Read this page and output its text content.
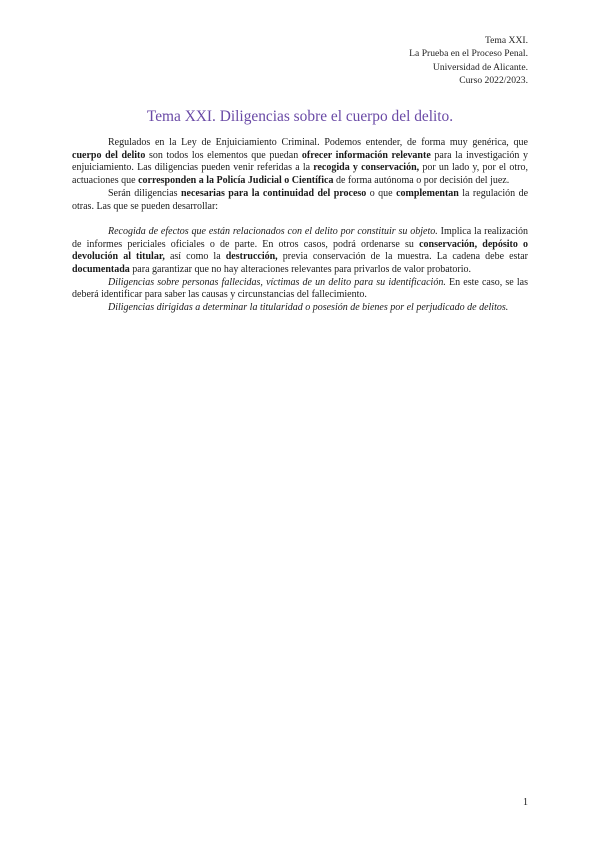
Tema XXI.
La Prueba en el Proceso Penal.
Universidad de Alicante.
Curso 2022/2023.
Tema XXI. Diligencias sobre el cuerpo del delito.

Regulados en la Ley de Enjuiciamiento Criminal. Podemos entender, de forma muy genérica, que cuerpo del delito son todos los elementos que puedan ofrecer información relevante para la investigación y enjuiciamiento. Las diligencias pueden venir referidas a la recogida y conservación, por un lado y, por el otro, actuaciones que corresponden a la Policía Judicial o Científica de forma autónoma o por decisión del juez.

Serán diligencias necesarias para la continuidad del proceso o que complementan la regulación de otras. Las que se pueden desarrollar:

Recogida de efectos que están relacionados con el delito por constituir su objeto. Implica la realización de informes periciales oficiales o de parte. En otros casos, podrá ordenarse su conservación, depósito o devolución al titular, así como la destrucción, previa conservación de la muestra. La cadena debe estar documentada para garantizar que no hay alteraciones relevantes para privarlos de valor probatorio.

Diligencias sobre personas fallecidas, víctimas de un delito para su identificación. En este caso, se las deberá identificar para saber las causas y circunstancias del fallecimiento.

Diligencias dirigidas a determinar la titularidad o posesión de bienes por el perjudicado de delitos.

1
